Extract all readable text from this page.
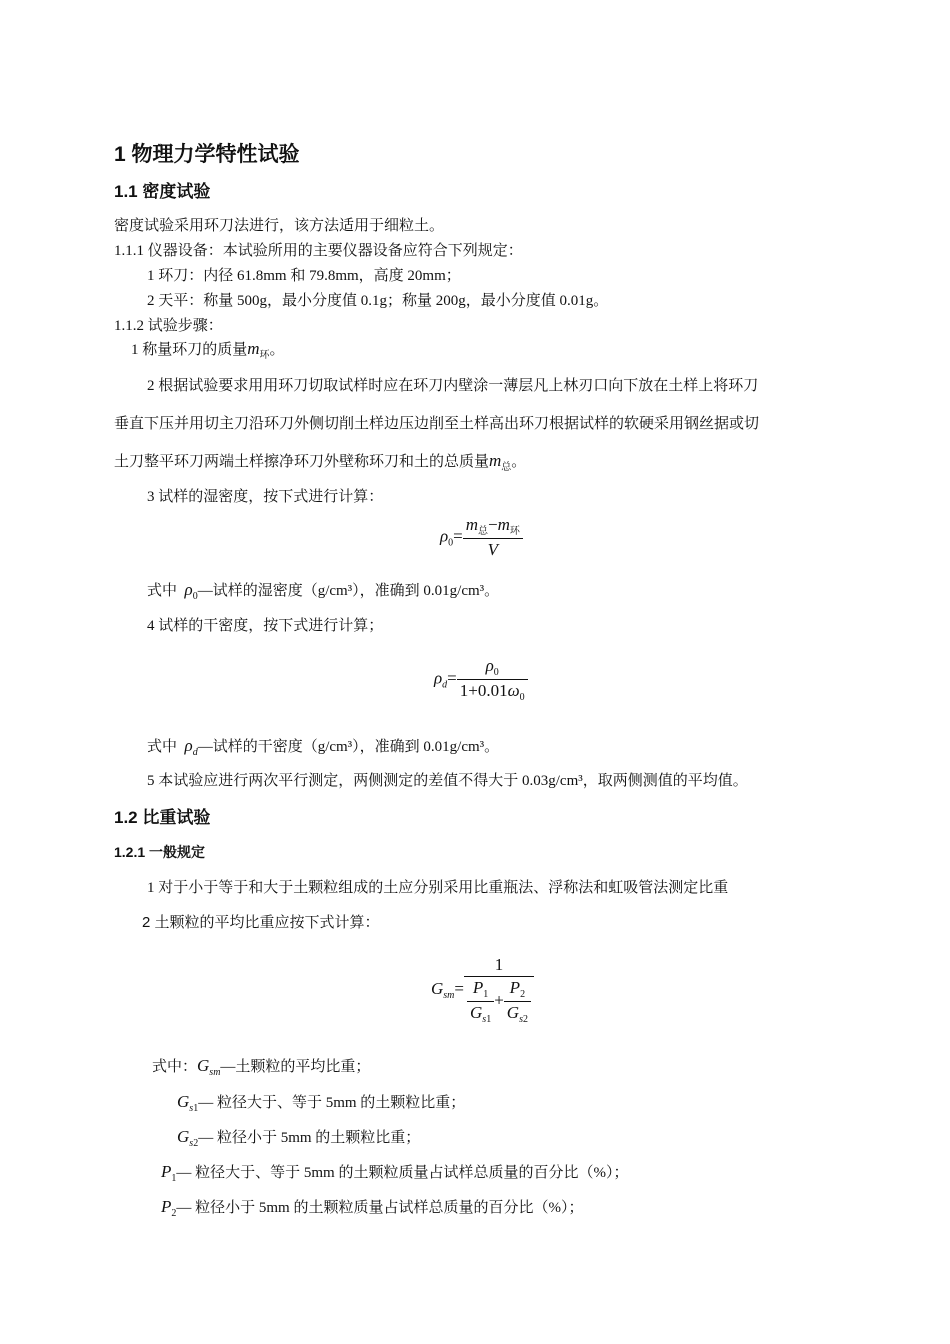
1 物理力学特性试验
1.1 密度试验
密度试验采用环刀法进行，该方法适用于细粒土。
1.1.1 仪器设备：本试验所用的主要仪器设备应符合下列规定：
1 环刀：内径 61.8mm 和 79.8mm，高度 20mm；
2 天平：称量 500g，最小分度值 0.1g；称量 200g，最小分度值 0.01g。
1.1.2 试验步骤：
1 称量环刀的质量$m_环$。
2 根据试验要求用用环刀切取试样时应在环刀内壁涂一薄层凡上林刃口向下放在土样上将环刀
垂直下压并用切主刀沿环刀外侧切削土样边压边削至土样高出环刀根据试样的软硬采用钢丝据或切
土刀整平环刀两端土样擦净环刀外壁称环刀和土的总质量$m_总$。
3 试样的湿密度，按下式进行计算：
$\rho_0= \frac{m_总-m_环}{V}$
式中 $\rho_0—$试样的湿密度（g/cm³），准确到 0.01g/cm³。
4 试样的干密度，按下式进行计算；
$\rho_d= \frac{\rho_0}{1+0.01\omega_0}$
式中 $\rho_d—$试样的干密度（g/cm³），准确到 0.01g/cm³。
5 本试验应进行两次平行测定，两侧测定的差值不得大于 0.03g/cm³，取两侧测值的平均值。
1.2 比重试验
1.2.1 一般规定
1 对于小于等于和大于土颗粒组成的土应分别采用比重瓶法、浮称法和虹吸管法测定比重
2 土颗粒的平均比重应按下式计算：
$G_{sm}= \frac{1}{\frac{P_1}{G_{s1}} + \frac{P_2}{G_{s2}}}$
式中：$G_{sm}—$土颗粒的平均比重；
$G_{s1}—$ 粒径大于、等于 5mm 的土颗粒比重；
$G_{s2}—$ 粒径小于 5mm 的土颗粒比重；
$P_1—$ 粒径大于、等于 5mm 的土颗粒质量占试样总质量的百分比（%）；
$P_2—$ 粒径小于 5mm 的土颗粒质量占试样总质量的百分比（%）；
